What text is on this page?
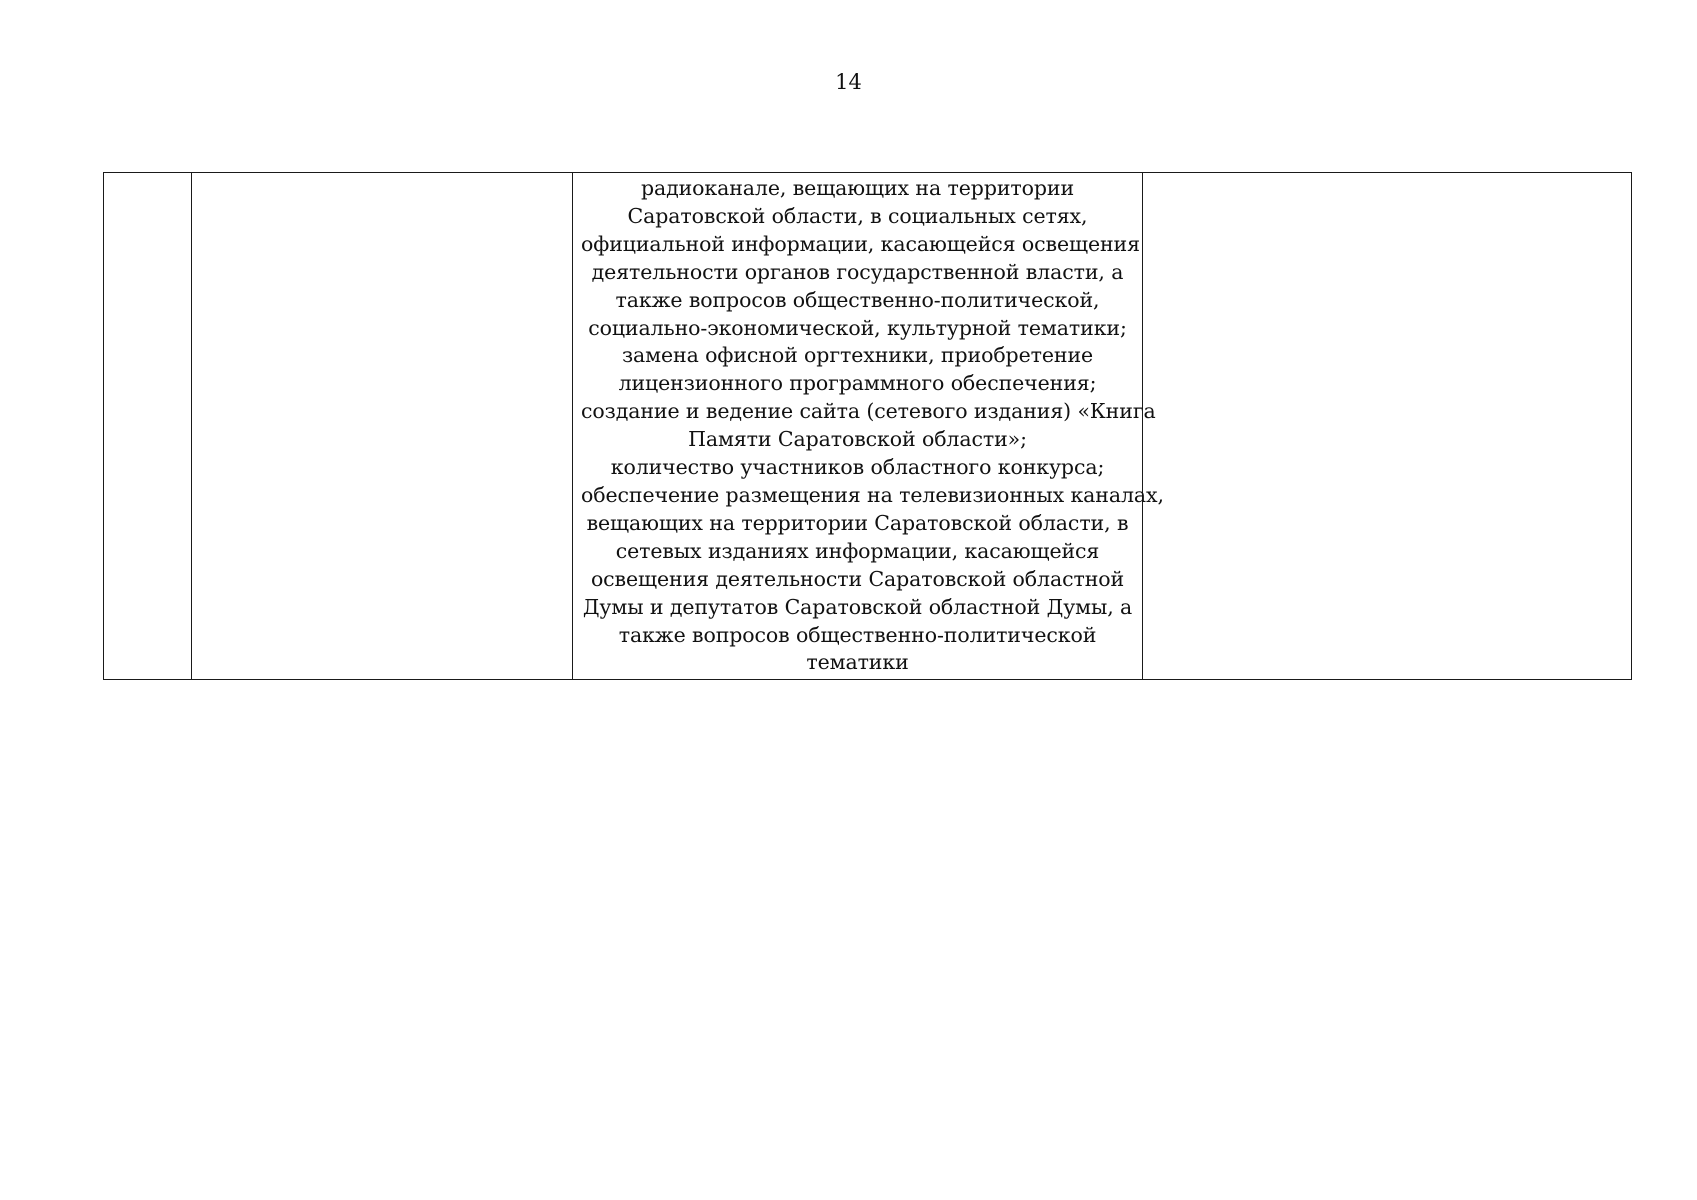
14

радиоканале, вещающих на территории
Саратовской области, в социальных сетях,
официальной информации, касающейся освещения
деятельности органов государственной власти, а
также вопросов общественно-политической,
социально-экономической, культурной тематики;
замена офисной оргтехники, приобретение
лицензионного программного обеспечения;
создание и ведение сайта (сетевого издания) «Книга
Памяти Саратовской области»;
количество участников областного конкурса;
обеспечение размещения на телевизионных каналах,
вещающих на территории Саратовской области, в
сетевых изданиях информации, касающейся
освещения деятельности Саратовской областной
Думы и депутатов Саратовской областной Думы, а
также вопросов общественно-политической
тематики
